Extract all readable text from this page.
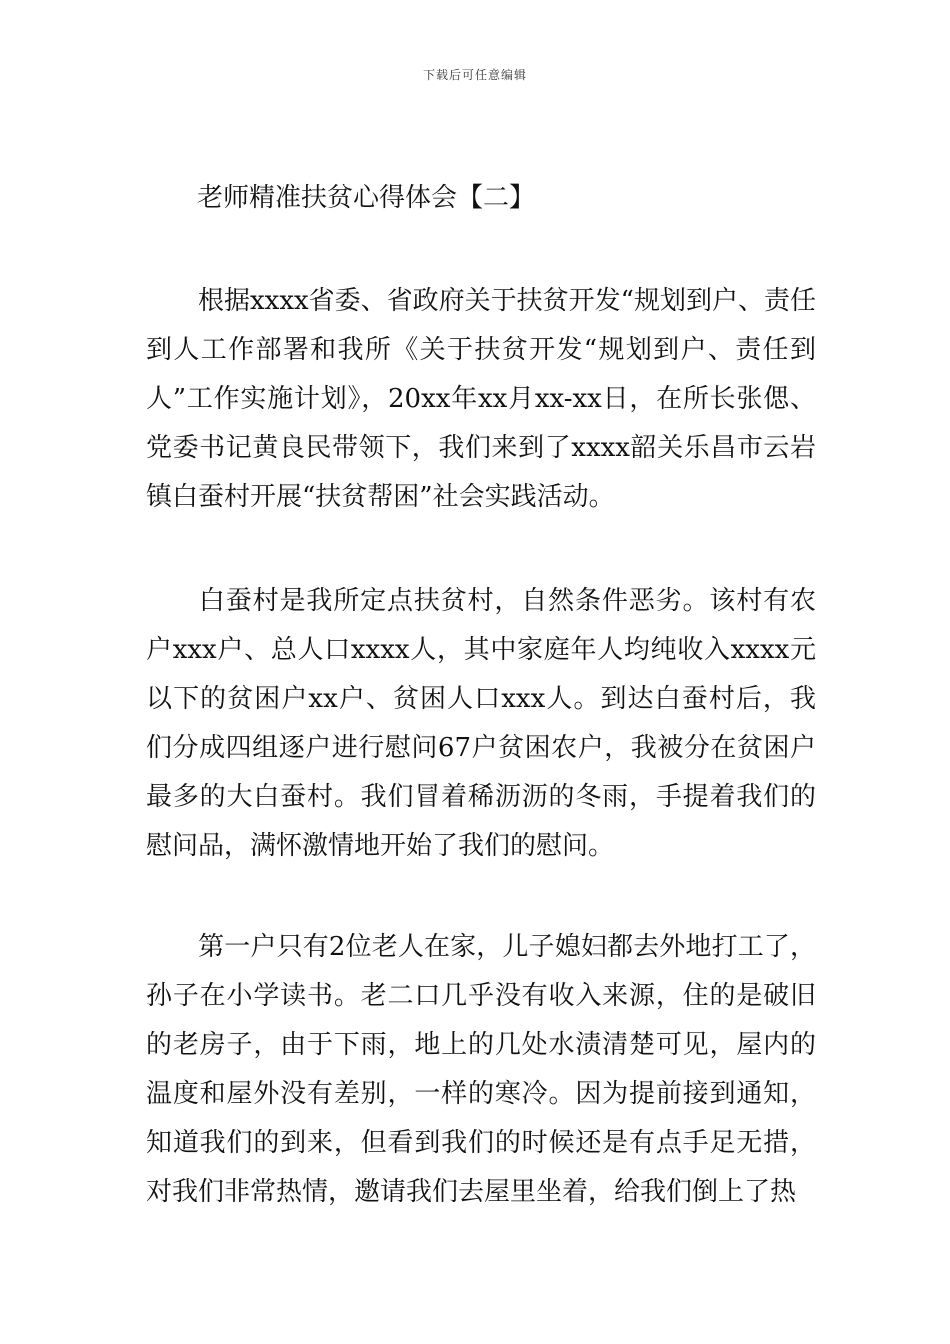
下载后可任意编辑
老师精准扶贫心得体会【二】

根据xxxx省委、省政府关于扶贫开发“规划到户、责任到人工作部署和我所《关于扶贫开发“规划到户、责任到人”工作实施计划》，20xx年xx月xx-xx日，在所长张偲、党委书记黄良民带领下，我们来到了xxxx韶关乐昌市云岩镇白蚕村开展“扶贫帮困”社会实践活动。

白蚕村是我所定点扶贫村，自然条件恶劣。该村有农户xxx户、总人口xxxx人，其中家庭年人均纯收入xxxx元以下的贫困户xx户、贫困人口xxx人。到达白蚕村后，我们分成四组逐户进行慰问67户贫困农户，我被分在贫困户最多的大白蚕村。我们冒着稀沥沥的冬雨，手提着我们的慰问品，满怀激情地开始了我们的慰问。

第一户只有2位老人在家，儿子媳妇都去外地打工了，孙子在小学读书。老二口几乎没有收入来源，住的是破旧的老房子，由于下雨，地上的几处水渍清楚可见，屋内的温度和屋外没有差别，一样的寒冷。因为提前接到通知，知道我们的到来，但看到我们的时候还是有点手足无措，对我们非常热情，邀请我们去屋里坐着，给我们倒上了热
